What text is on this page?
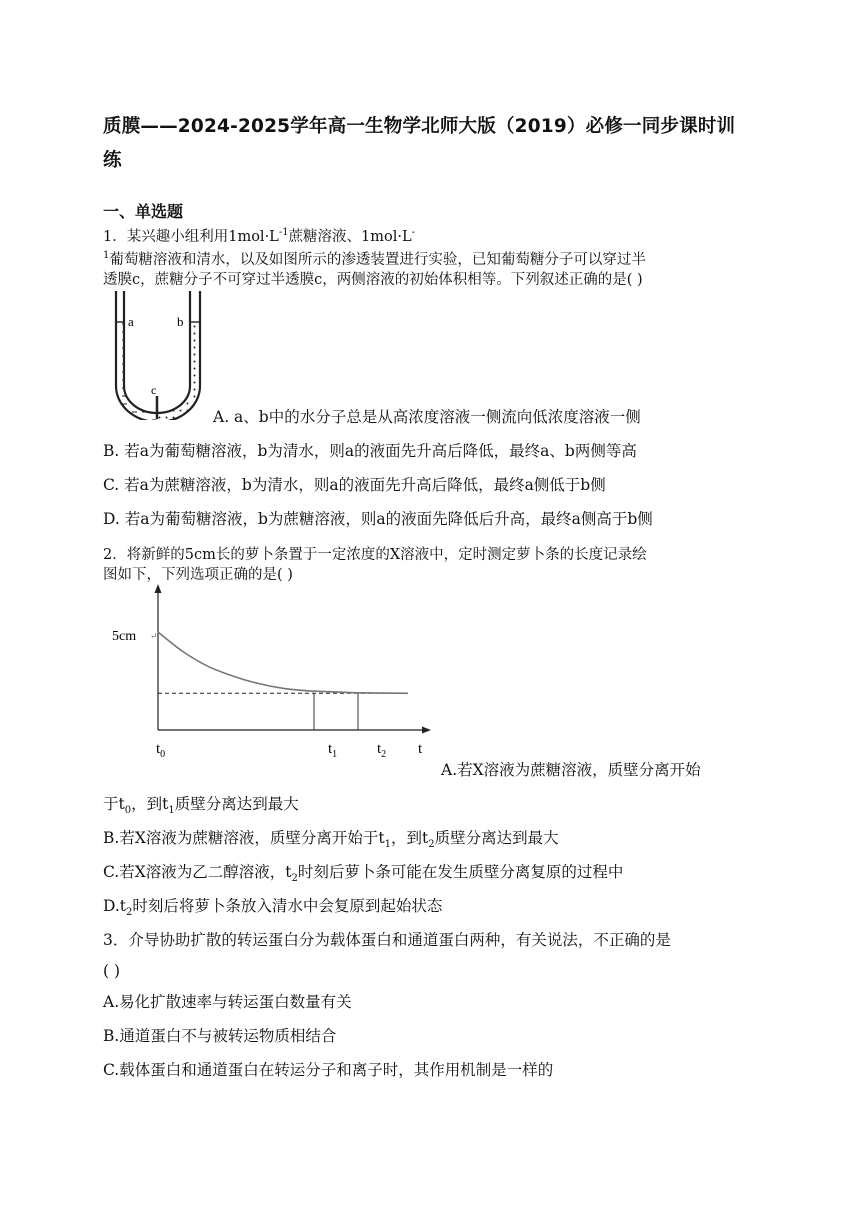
质膜——2024-2025学年高一生物学北师大版（2019）必修一同步课时训
练
一、单选题
1．某兴趣小组利用$1mol\cdot L^{-1}$蔗糖溶液、1mol·L-
$^1$葡萄糖溶液和清水，以及如图所示的渗透装置进行实验，已知葡萄糖分子可以穿过半
透膜c，蔗糖分子不可穿过半透膜c，两侧溶液的初始体积相等。下列叙述正确的是( )
a	b
c
A. a、b中的水分子总是从高浓度溶液一侧流向低浓度溶液一侧
B. 若a为葡萄糖溶液，b为清水，则a的液面先升高后降低，最终a、b两侧等高
C. 若a为蔗糖溶液，b为清水，则a的液面先升高后降低，最终a侧低于b侧
D. 若a为葡萄糖溶液，b为蔗糖溶液，则a的液面先降低后升高，最终a侧高于b侧
2．将新鲜的5cm长的萝卜条置于一定浓度的X溶液中，定时测定萝卜条的长度记录绘
图如下，下列选项正确的是( )
5cm ↵
$t_0$	$t_1$	$t_2$ t
A.若X溶液为蔗糖溶液，质壁分离开始
于$t_0$，到$t_1$质壁分离达到最大
B.若X溶液为蔗糖溶液，质壁分离开始于$t_1$，到$t_2$质壁分离达到最大
C.若X溶液为乙二醇溶液，$t_2$时刻后萝卜条可能在发生质壁分离复原的过程中
$D.t_2$时刻后将萝卜条放入清水中会复原到起始状态
3．介导协助扩散的转运蛋白分为载体蛋白和通道蛋白两种，有关说法，不正确的是
( )
A.易化扩散速率与转运蛋白数量有关
B.通道蛋白不与被转运物质相结合
C.载体蛋白和通道蛋白在转运分子和离子时，其作用机制是一样的
